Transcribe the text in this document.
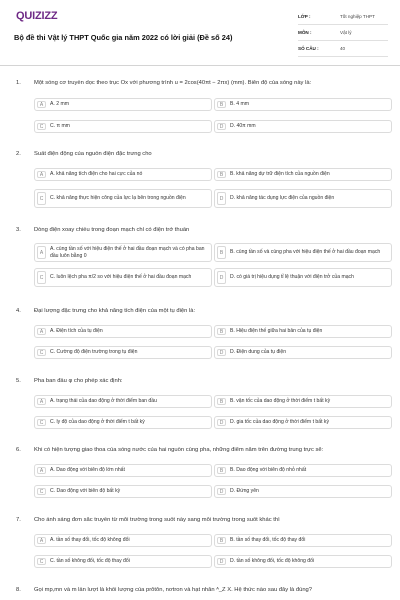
QUIZIZZ
Bộ đề thi Vật lý THPT Quốc gia năm 2022 có lời giải (Đề số 24)
LỚP :	Tốt nghiệp THPT
MÔN :	Vật lý
SỐ CÂU :	40
1. Một sóng cơ truyền dọc theo trục Ox với phương trình u = 2cos(40πt − 2πx) (mm). Biên độ của sóng này là:
A	A. 2 mm	B	B. 4 mm
C	C. π mm	D	D. 40π mm
2. Suất điện động của nguồn điện đặc trưng cho
A	A. khả năng tích điện cho hai cực của nó	B	B. khả năng dự trữ điện tích của nguồn điện
C	C. khả năng thực hiện công của lực lạ bên trong nguồn điện	D	D. khả năng tác dụng lực điện của nguồn điện
3. Dòng điện xoay chiều trong đoạn mạch chỉ có điện trở thuần
A
A. cùng tần số với hiệu điện thế ở hai đầu đoạn mạch và có pha ban đầu luôn bằng 0	B	B. cùng tần số và cùng pha với hiệu điện thế ở hai đầu đoạn mạch
C	C. luôn lệch pha π/2 so với hiệu điện thế ở hai đầu đoạn mạch	D	D. có giá trị hiệu dụng tỉ lệ thuận với điện trở của mạch
4. Đại lượng đặc trưng cho khả năng tích điện của một tụ điện là:
A	A. Điện tích của tụ điện	B	B. Hiệu điện thế giữa hai bản của tụ điện
C	C. Cường độ điện trường trong tụ điện	D	D. Điện dung của tụ điện
5. Pha ban đầu φ cho phép xác định:
A	A. trạng thái của dao động ở thời điểm ban đầu	B	B. vận tốc của dao động ở thời điểm t bất kỳ
C	C. ly độ của dao động ở thời điểm t bất kỳ	D	D. gia tốc của dao động ở thời điểm t bất kỳ
6. Khi có hiện tượng giao thoa của sóng nước của hai nguồn cùng pha, những điểm nằm trên đường trung trực sẽ:
A	A. Dao động với biên độ lớn nhất	B	B. Dao động với biên độ nhỏ nhất
C	C. Dao động với biên độ bất kỳ	D	D. Đứng yên
7. Cho ánh sáng đơn sắc truyền từ môi trường trong suốt này sang môi trường trong suốt khác thì
A	A. tần số thay đổi, tốc độ không đổi	B	B. tần số thay đổi, tốc độ thay đổi
C	C. tần số không đổi, tốc độ thay đổi	D	D. tần số không đổi, tốc độ không đổi
8. Gọi mp,mn và m lần lượt là khối lượng của prôtôn, nơtron và hạt nhân ᴬ_Z X. Hệ thức nào sau đây là đúng?
